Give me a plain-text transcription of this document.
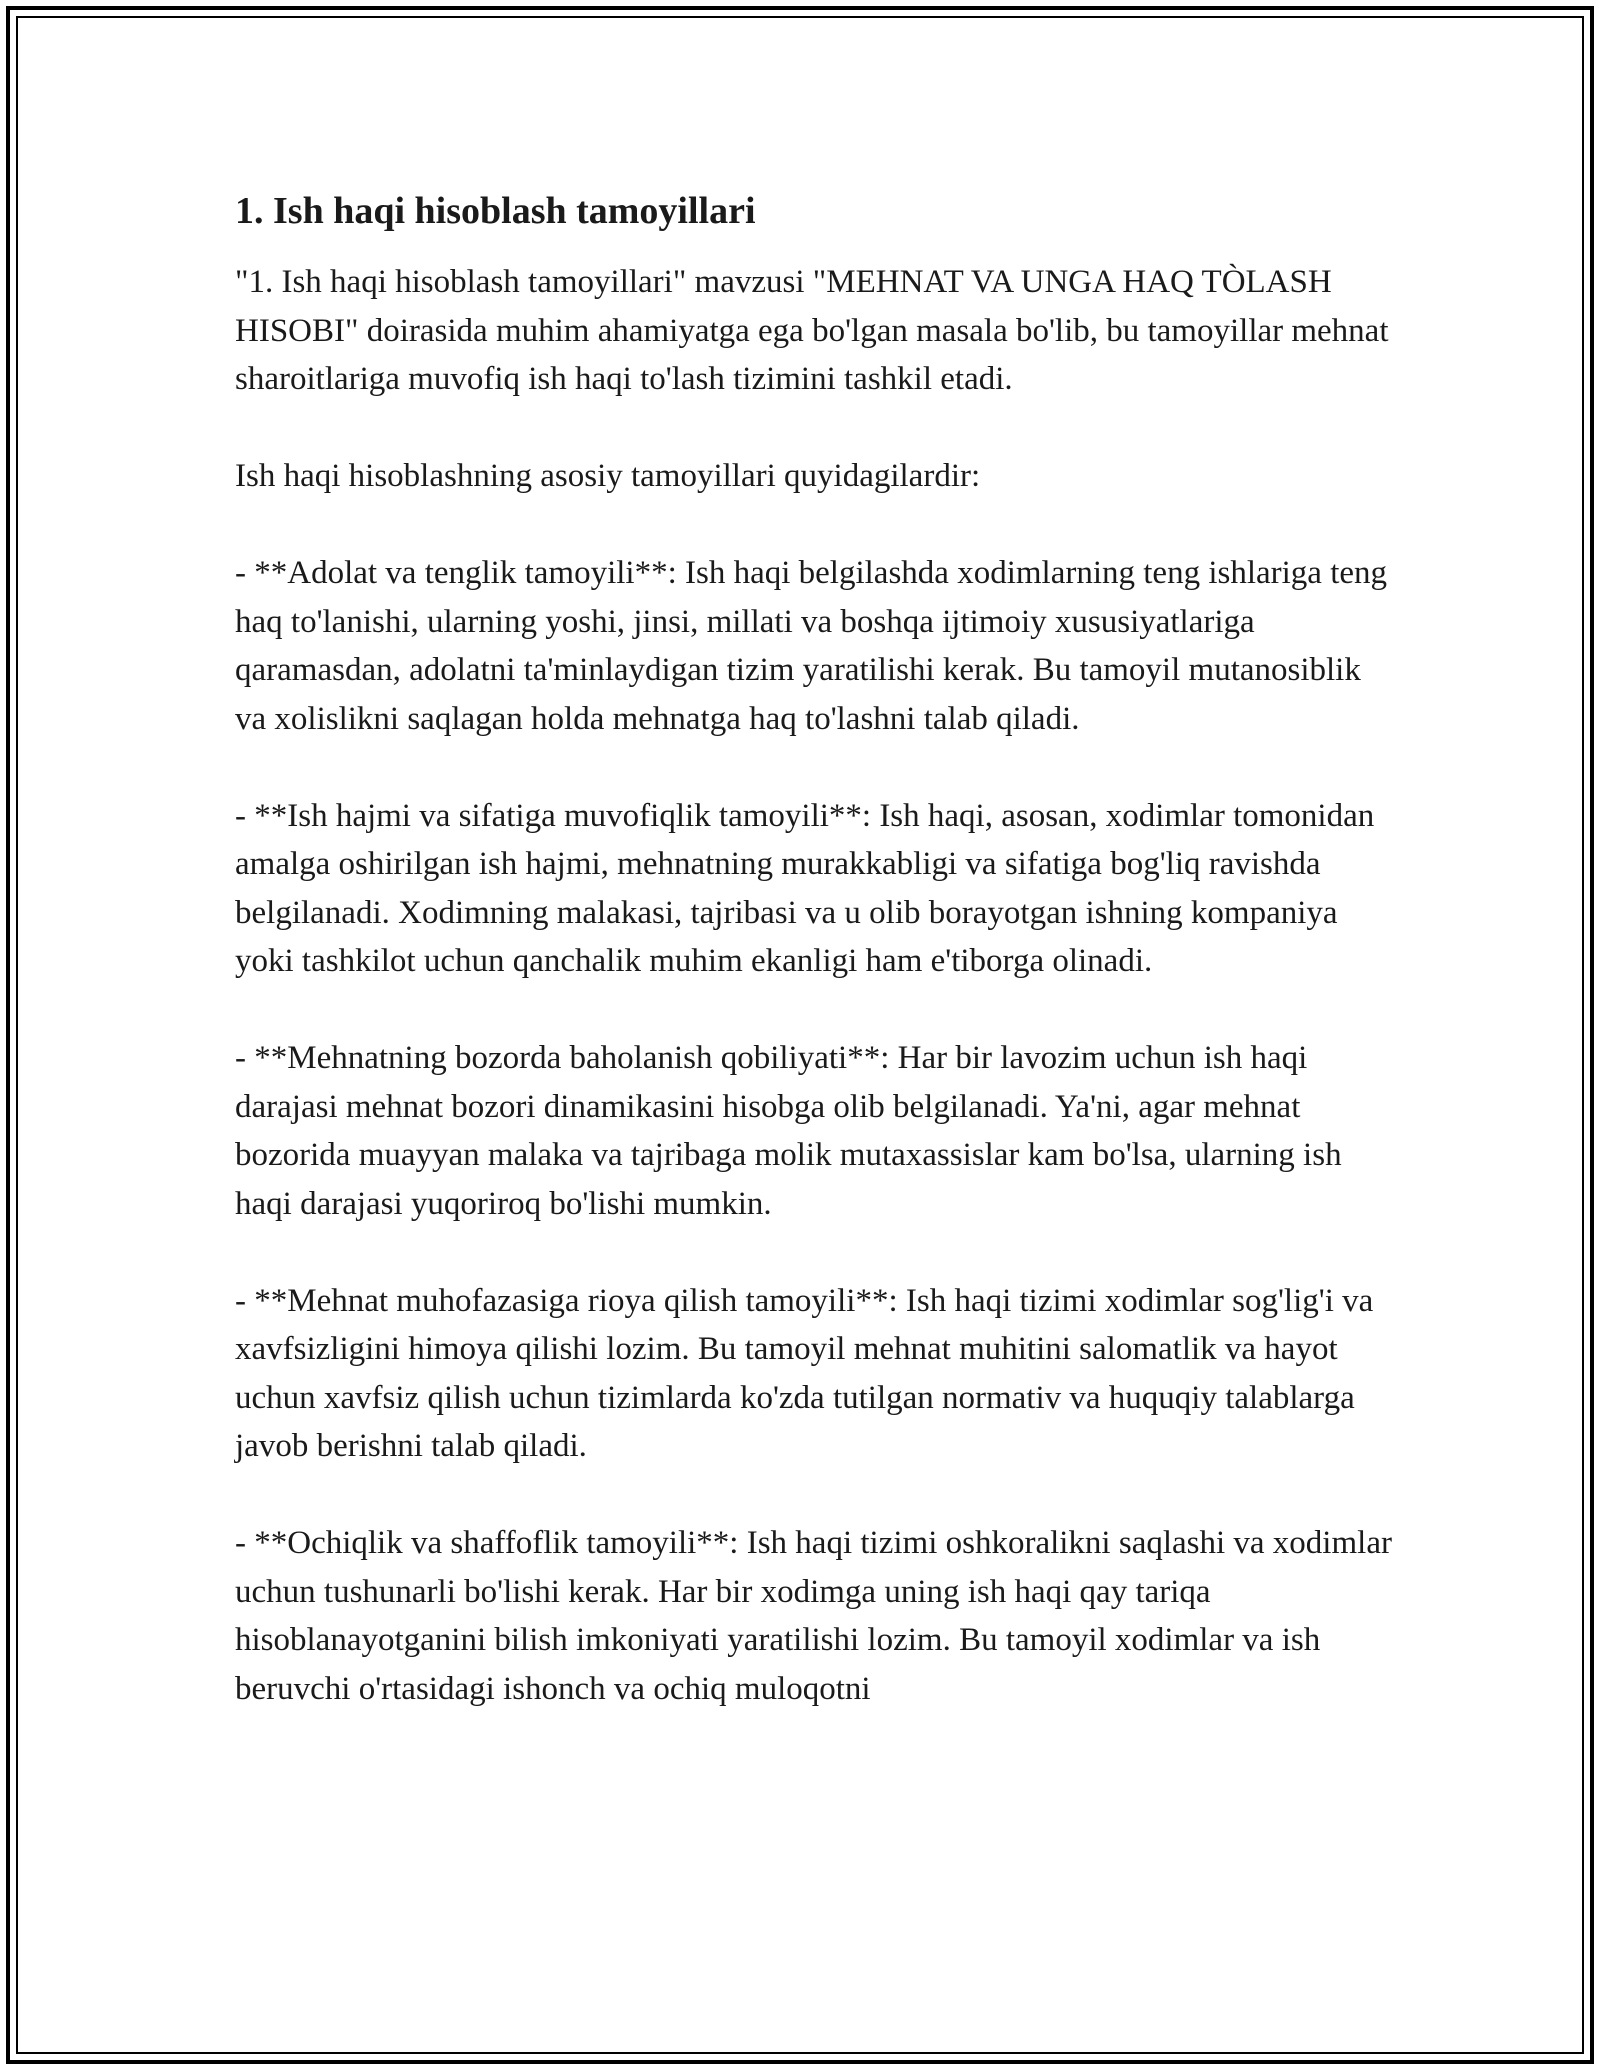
1. Ish haqi hisoblash tamoyillari

"1. Ish haqi hisoblash tamoyillari" mavzusi "MEHNAT VA UNGA HAQ TÒLASH HISOBI" doirasida muhim ahamiyatga ega bo'lgan masala bo'lib, bu tamoyillar mehnat sharoitlariga muvofiq ish haqi to'lash tizimini tashkil etadi.

Ish haqi hisoblashning asosiy tamoyillari quyidagilardir:

- **Adolat va tenglik tamoyili**: Ish haqi belgilashda xodimlarning teng ishlariga teng haq to'lanishi, ularning yoshi, jinsi, millati va boshqa ijtimoiy xususiyatlariga qaramasdan, adolatni ta'minlaydigan tizim yaratilishi kerak. Bu tamoyil mutanosiblik va xolislikni saqlagan holda mehnatga haq to'lashni talab qiladi.

- **Ish hajmi va sifatiga muvofiqlik tamoyili**: Ish haqi, asosan, xodimlar tomonidan amalga oshirilgan ish hajmi, mehnatning murakkabligi va sifatiga bog'liq ravishda belgilanadi. Xodimning malakasi, tajribasi va u olib borayotgan ishning kompaniya yoki tashkilot uchun qanchalik muhim ekanligi ham e'tiborga olinadi.

- **Mehnatning bozorda baholanish qobiliyati**: Har bir lavozim uchun ish haqi darajasi mehnat bozori dinamikasini hisobga olib belgilanadi. Ya'ni, agar mehnat bozorida muayyan malaka va tajribaga molik mutaxassislar kam bo'lsa, ularning ish haqi darajasi yuqoriroq bo'lishi mumkin.

- **Mehnat muhofazasiga rioya qilish tamoyili**: Ish haqi tizimi xodimlar sog'lig'i va xavfsizligini himoya qilishi lozim. Bu tamoyil mehnat muhitini salomatlik va hayot uchun xavfsiz qilish uchun tizimlarda ko'zda tutilgan normativ va huquqiy talablarga javob berishni talab qiladi.

- **Ochiqlik va shaffoflik tamoyili**: Ish haqi tizimi oshkoralikni saqlashi va xodimlar uchun tushunarli bo'lishi kerak. Har bir xodimga uning ish haqi qay tariqa hisoblanayotganini bilish imkoniyati yaratilishi lozim. Bu tamoyil xodimlar va ish beruvchi o'rtasidagi ishonch va ochiq muloqotni
